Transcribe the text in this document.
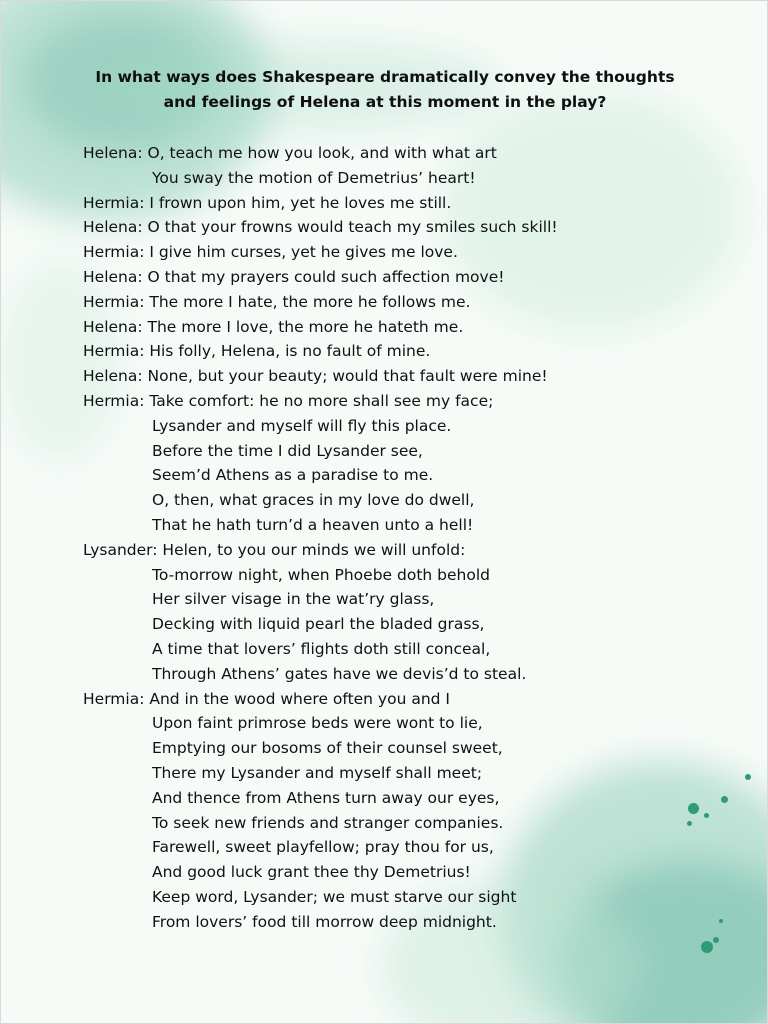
In what ways does Shakespeare dramatically convey the thoughts
and feelings of Helena at this moment in the play?
Helena: O, teach me how you look, and with what art
You sway the motion of Demetrius’ heart!
Hermia: I frown upon him, yet he loves me still.
Helena: O that your frowns would teach my smiles such skill!
Hermia: I give him curses, yet he gives me love.
Helena: O that my prayers could such affection move!
Hermia: The more I hate, the more he follows me.
Helena: The more I love, the more he hateth me.
Hermia: His folly, Helena, is no fault of mine.
Helena: None, but your beauty; would that fault were mine!
Hermia: Take comfort: he no more shall see my face;
Lysander and myself will fly this place.
Before the time I did Lysander see,
Seem’d Athens as a paradise to me.
O, then, what graces in my love do dwell,
That he hath turn’d a heaven unto a hell!
Lysander: Helen, to you our minds we will unfold:
To-morrow night, when Phoebe doth behold
Her silver visage in the wat’ry glass,
Decking with liquid pearl the bladed grass,
A time that lovers’ flights doth still conceal,
Through Athens’ gates have we devis’d to steal.
Hermia: And in the wood where often you and I
Upon faint primrose beds were wont to lie,
Emptying our bosoms of their counsel sweet,
There my Lysander and myself shall meet;
And thence from Athens turn away our eyes,
To seek new friends and stranger companies.
Farewell, sweet playfellow; pray thou for us,
And good luck grant thee thy Demetrius!
Keep word, Lysander; we must starve our sight
From lovers’ food till morrow deep midnight.
